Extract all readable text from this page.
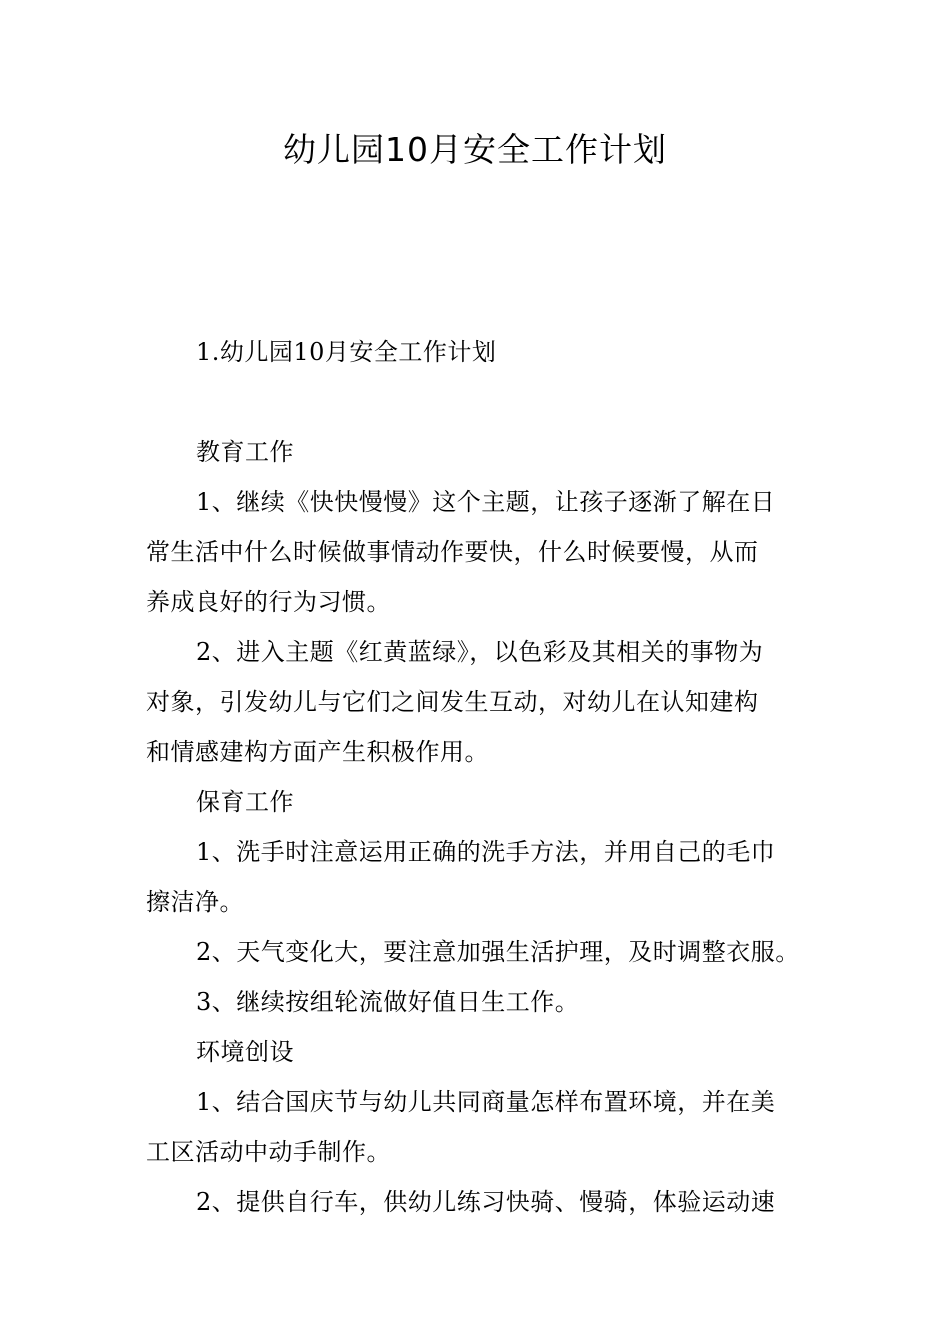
幼儿园10月安全工作计划
1.幼儿园10月安全工作计划
教育工作
1、继续《快快慢慢》这个主题，让孩子逐渐了解在日
常生活中什么时候做事情动作要快，什么时候要慢，从而
养成良好的行为习惯。
2、进入主题《红黄蓝绿》，以色彩及其相关的事物为
对象，引发幼儿与它们之间发生互动，对幼儿在认知建构
和情感建构方面产生积极作用。
保育工作
1、洗手时注意运用正确的洗手方法，并用自己的毛巾
擦洁净。
2、天气变化大，要注意加强生活护理，及时调整衣服。
3、继续按组轮流做好值日生工作。
环境创设
1、结合国庆节与幼儿共同商量怎样布置环境，并在美
工区活动中动手制作。
2、提供自行车，供幼儿练习快骑、慢骑，体验运动速
